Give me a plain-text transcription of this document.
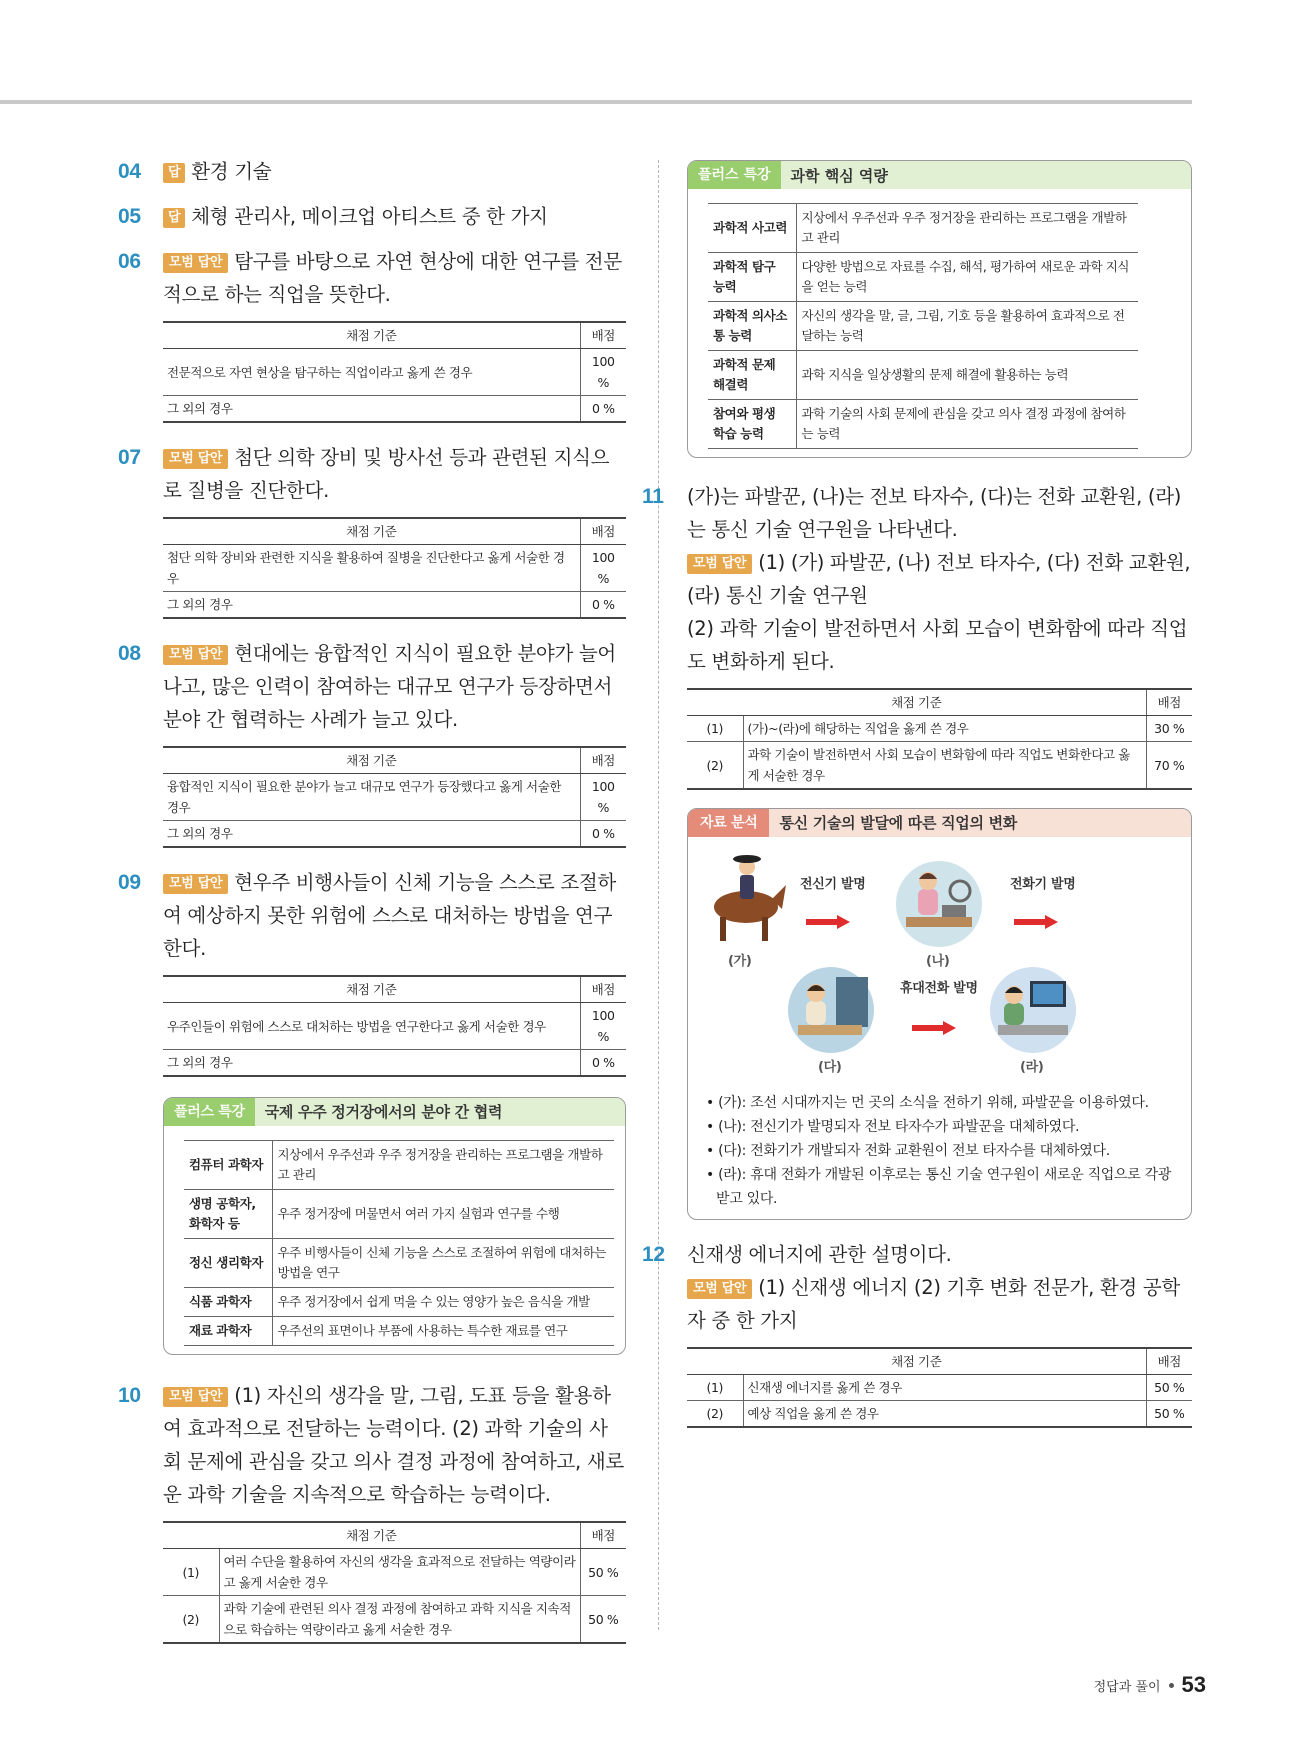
04 답 환경 기술
05 답 체형 관리사, 메이크업 아티스트 중 한 가지
06 모범 답안 탐구를 바탕으로 자연 현상에 대한 연구를 전문적으로 하는 직업을 뜻한다.
채점 기준	배점
전문적으로 자연 현상을 탐구하는 직업이라고 옳게 쓴 경우	100 %
그 외의 경우	0 %
07 모범 답안 첨단 의학 장비 및 방사선 등과 관련된 지식으로 질병을 진단한다.
채점 기준	배점
첨단 의학 장비와 관련한 지식을 활용하여 질병을 진단한다고 옳게 서술한 경우	100 %
그 외의 경우	0 %
08 모범 답안 현대에는 융합적인 지식이 필요한 분야가 늘어나고, 많은 인력이 참여하는 대규모 연구가 등장하면서 분야 간 협력하는 사례가 늘고 있다.
채점 기준	배점
융합적인 지식이 필요한 분야가 늘고 대규모 연구가 등장했다고 옳게 서술한 경우	100 %
그 외의 경우	0 %
09 모범 답안 현우주 비행사들이 신체 기능을 스스로 조절하여 예상하지 못한 위험에 스스로 대처하는 방법을 연구한다.
채점 기준	배점
우주인들이 위험에 스스로 대처하는 방법을 연구한다고 옳게 서술한 경우	100 %
그 외의 경우	0 %
플러스 특강	국제 우주 정거장에서의 분야 간 협력
컴퓨터 과학자	지상에서 우주선과 우주 정거장을 관리하는 프로그램을 개발하고 관리
생명 공학자, 화학자 등	우주 정거장에 머물면서 여러 가지 실험과 연구를 수행
정신 생리학자	우주 비행사들이 신체 기능을 스스로 조절하여 위험에 대처하는 방법을 연구
식품 과학자	우주 정거장에서 쉽게 먹을 수 있는 영양가 높은 음식을 개발
재료 과학자	우주선의 표면이나 부품에 사용하는 특수한 재료를 연구
10 모범 답안 (1) 자신의 생각을 말, 그림, 도표 등을 활용하여 효과적으로 전달하는 능력이다. (2) 과학 기술의 사회 문제에 관심을 갖고 의사 결정 과정에 참여하고, 새로운 과학 기술을 지속적으로 학습하는 능력이다.
채점 기준		배점
(1)	여러 수단을 활용하여 자신의 생각을 효과적으로 전달하는 역량이라고 옳게 서술한 경우	50 %
(2)	과학 기술에 관련된 의사 결정 과정에 참여하고 과학 지식을 지속적으로 학습하는 역량이라고 옳게 서술한 경우	50 %
플러스 특강	과학 핵심 역량
과학적 사고력	지상에서 우주선과 우주 정거장을 관리하는 프로그램을 개발하고 관리
과학적 탐구 능력	다양한 방법으로 자료를 수집, 해석, 평가하여 새로운 과학 지식을 얻는 능력
과학적 의사소통 능력	자신의 생각을 말, 글, 그림, 기호 등을 활용하여 효과적으로 전달하는 능력
과학적 문제 해결력	과학 지식을 일상생활의 문제 해결에 활용하는 능력
참여와 평생 학습 능력	과학 기술의 사회 문제에 관심을 갖고 의사 결정 과정에 참여하는 능력
11 (가)는 파발꾼, (나)는 전보 타자수, (다)는 전화 교환원, (라)는 통신 기술 연구원을 나타낸다.
모범 답안 (1) (가) 파발꾼, (나) 전보 타자수, (다) 전화 교환원, (라) 통신 기술 연구원
(2) 과학 기술이 발전하면서 사회 모습이 변화함에 따라 직업도 변화하게 된다.
채점 기준		배점
(1)	(가)~(라)에 해당하는 직업을 옳게 쓴 경우	30 %
(2)	과학 기술이 발전하면서 사회 모습이 변화함에 따라 직업도 변화한다고 옳게 서술한 경우	70 %
자료 분석	통신 기술의 발달에 따른 직업의 변화
(가)
전신기 발명
(나)
전화기 발명
(다)
휴대전화 발명
(라)
• (가): 조선 시대까지는 먼 곳의 소식을 전하기 위해, 파발꾼을 이용하였다.
• (나): 전신기가 발명되자 전보 타자수가 파발꾼을 대체하였다.
• (다): 전화기가 개발되자 전화 교환원이 전보 타자수를 대체하였다.
• (라): 휴대 전화가 개발된 이후로는 통신 기술 연구원이 새로운 직업으로 각광받고 있다.
12 신재생 에너지에 관한 설명이다.
모범 답안 (1) 신재생 에너지 (2) 기후 변화 전문가, 환경 공학자 중 한 가지
채점 기준		배점
(1)	신재생 에너지를 옳게 쓴 경우	50 %
(2)	예상 직업을 옳게 쓴 경우	50 %
정답과 풀이 53
